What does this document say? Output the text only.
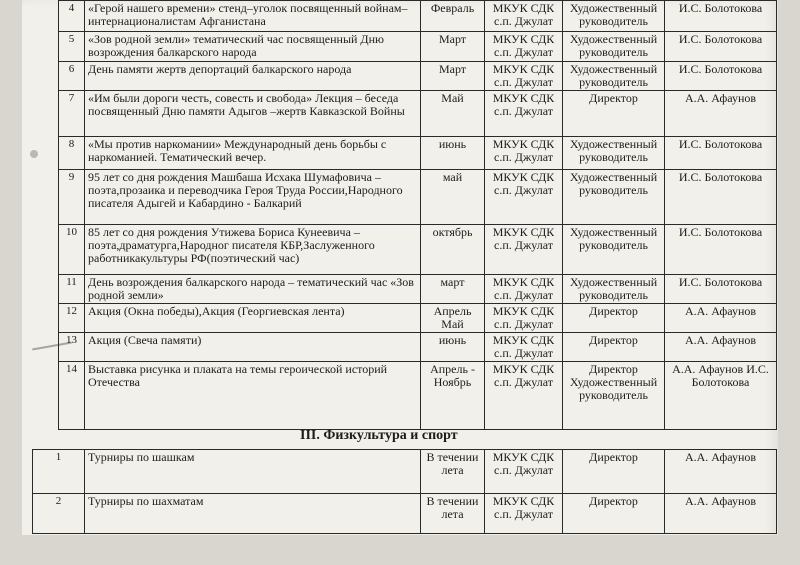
4	«Герой нашего времени» стенд–уголок посвященный войнам–интернационалистам Афганистана	Февраль	МКУК СДК с.п. Джулат	Художественный руководитель	И.С. Болотокова
5	«Зов родной земли» тематический час посвященный Дню возрождения балкарского народа	Март	МКУК СДК с.п. Джулат	Художественный руководитель	И.С. Болотокова
6	День памяти жертв депортаций балкарского народа	Март	МКУК СДК с.п. Джулат	Художественный руководитель	И.С. Болотокова
7	«Им были дороги честь, совесть и свобода» Лекция – беседа посвященный Дню памяти Адыгов –жертв Кавказской Войны	Май	МКУК СДК с.п. Джулат	Директор	А.А. Афаунов
8	«Мы против наркомании» Международный день борьбы с наркоманией. Тематический вечер.	июнь	МКУК СДК с.п. Джулат	Художественный руководитель	И.С. Болотокова
9	95 лет со дня рождения Машбаша Исхака Шумафовича – поэта,прозаика и переводчика Героя Труда России,Народного писателя Адыгей и Кабардино - Балкарий	май	МКУК СДК с.п. Джулат	Художественный руководитель	И.С. Болотокова
10	85 лет со дня рождения Утижева Бориса Кунеевича – поэта,драматурга,Народног писателя КБР,Заслуженного работникакультуры РФ(поэтический час)	октябрь	МКУК СДК с.п. Джулат	Художественный руководитель	И.С. Болотокова
11	День возрождения балкарского народа – тематический час «Зов родной земли»	март	МКУК СДК с.п. Джулат	Художественный руководитель	И.С. Болотокова
12	Акция (Окна победы),Акция (Георгиевская лента)	Апрель Май	МКУК СДК с.п. Джулат	Директор	А.А. Афаунов
13	Акция (Свеча памяти)	июнь	МКУК СДК с.п. Джулат	Директор	А.А. Афаунов
14	Выставка рисунка и плаката на темы героической историй Отечества	Апрель - Ноябрь	МКУК СДК с.п. Джулат	Директор Художественный руководитель	А.А. Афаунов И.С. Болотокова
III. Физкультура и спорт
1	Турниры по шашкам	В течении лета	МКУК СДК с.п. Джулат	Директор	А.А. Афаунов
2	Турниры по шахматам	В течении лета	МКУК СДК с.п. Джулат	Директор	А.А. Афаунов
